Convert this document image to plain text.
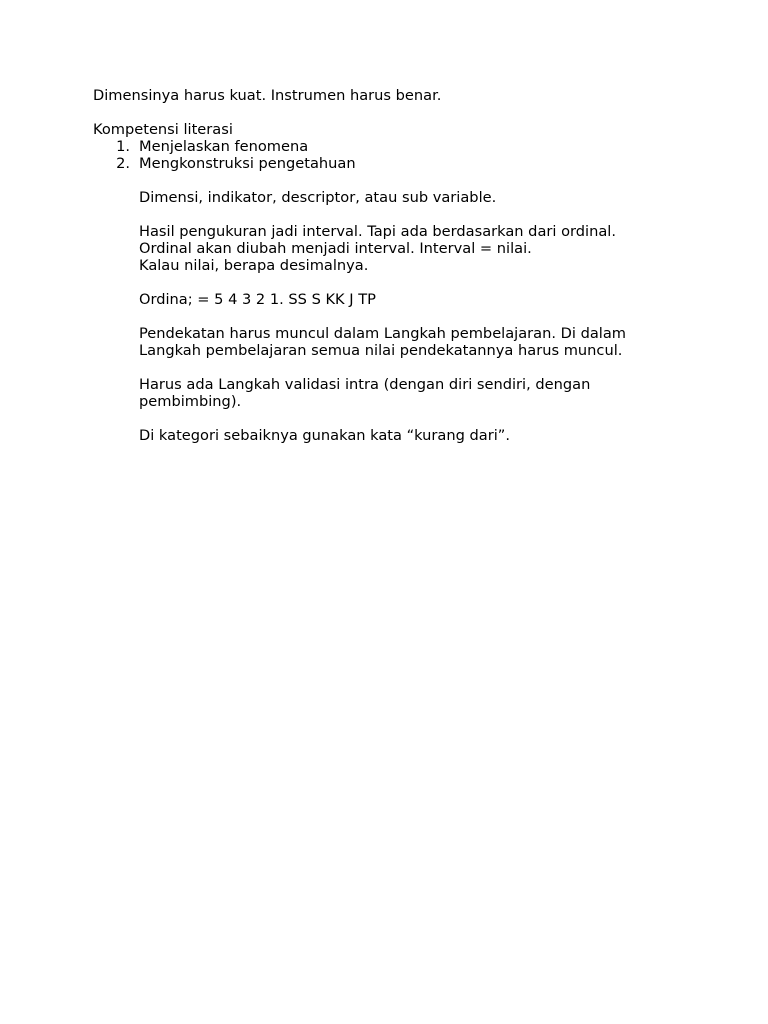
Dimensinya harus kuat. Instrumen harus benar.

Kompetensi literasi

1. Menjelaskan fenomena
2. Mengkonstruksi pengetahuan

Dimensi, indikator, descriptor, atau sub variable.

Hasil pengukuran jadi interval. Tapi ada berdasarkan dari ordinal.

Ordinal akan diubah menjadi interval. Interval = nilai.

Kalau nilai, berapa desimalnya.

Ordina; = 5 4 3 2 1. SS S KK J TP

Pendekatan harus muncul dalam Langkah pembelajaran. Di dalam

Langkah pembelajaran semua nilai pendekatannya harus muncul.

Harus ada Langkah validasi intra (dengan diri sendiri, dengan

pembimbing).

Di kategori sebaiknya gunakan kata “kurang dari”.
